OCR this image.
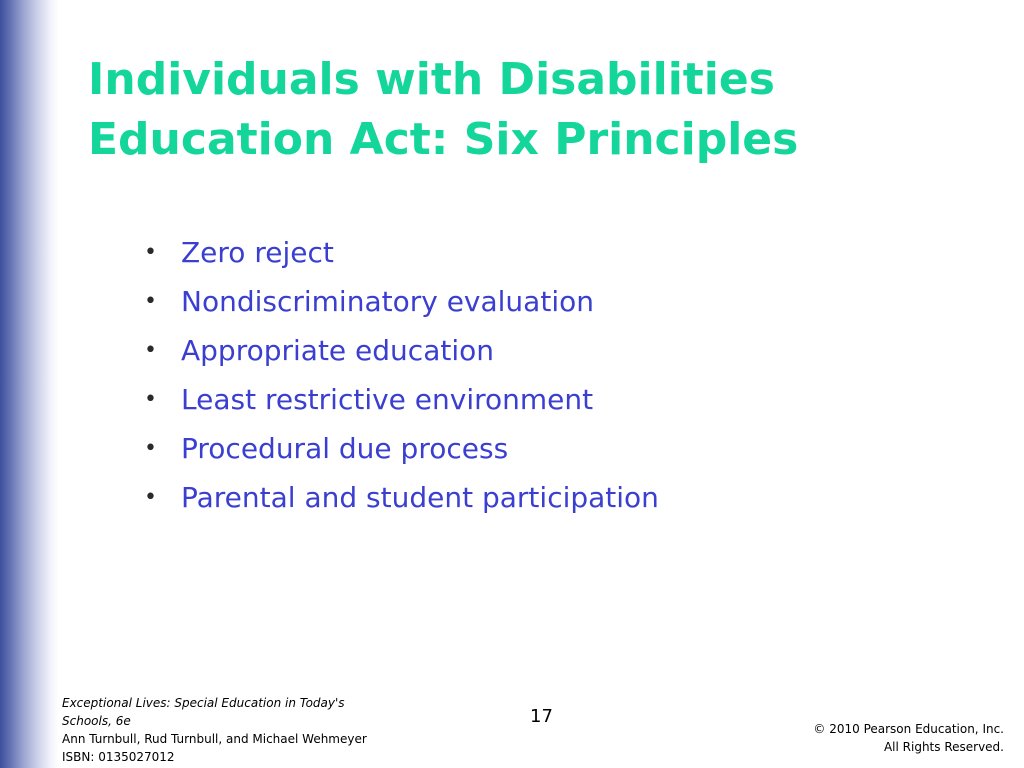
Individuals with Disabilities
Education Act: Six Principles
• Zero reject
• Nondiscriminatory evaluation
• Appropriate education
• Least restrictive environment
• Procedural due process
• Parental and student participation
Exceptional Lives: Special Education in Today's
Schools, 6e
Ann Turnbull, Rud Turnbull, and Michael Wehmeyer
ISBN: 0135027012
17
© 2010 Pearson Education, Inc.
All Rights Reserved.
